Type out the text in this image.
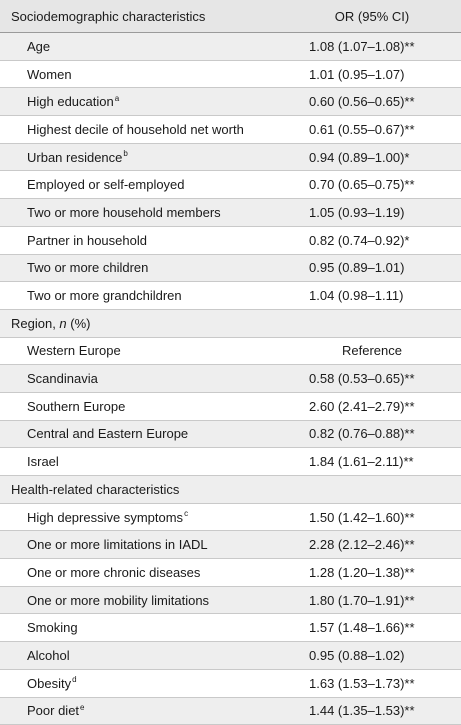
Sociodemographic characteristics	OR (95% CI)
Age	1.08 (1.07–1.08)**
Women	1.01 (0.95–1.07)
High education$^a$	0.60 (0.56–0.65)**
Highest decile of household net worth	0.61 (0.55–0.67)**
Urban residence$^b$	0.94 (0.89–1.00)*
Employed or self-employed	0.70 (0.65–0.75)**
Two or more household members	1.05 (0.93–1.19)
Partner in household	0.82 (0.74–0.92)*
Two or more children	0.95 (0.89–1.01)
Two or more grandchildren	1.04 (0.98–1.11)
Region, n (%)
Western Europe	Reference
Scandinavia	0.58 (0.53–0.65)**
Southern Europe	2.60 (2.41–2.79)**
Central and Eastern Europe	0.82 (0.76–0.88)**
Israel	1.84 (1.61–2.11)**
Health-related characteristics
High depressive symptoms$^c$	1.50 (1.42–1.60)**
One or more limitations in IADL	2.28 (2.12–2.46)**
One or more chronic diseases	1.28 (1.20–1.38)**
One or more mobility limitations	1.80 (1.70–1.91)**
Smoking	1.57 (1.48–1.66)**
Alcohol	0.95 (0.88–1.02)
Obesity$^d$	1.63 (1.53–1.73)**
Poor diet$^e$	1.44 (1.35–1.53)**
